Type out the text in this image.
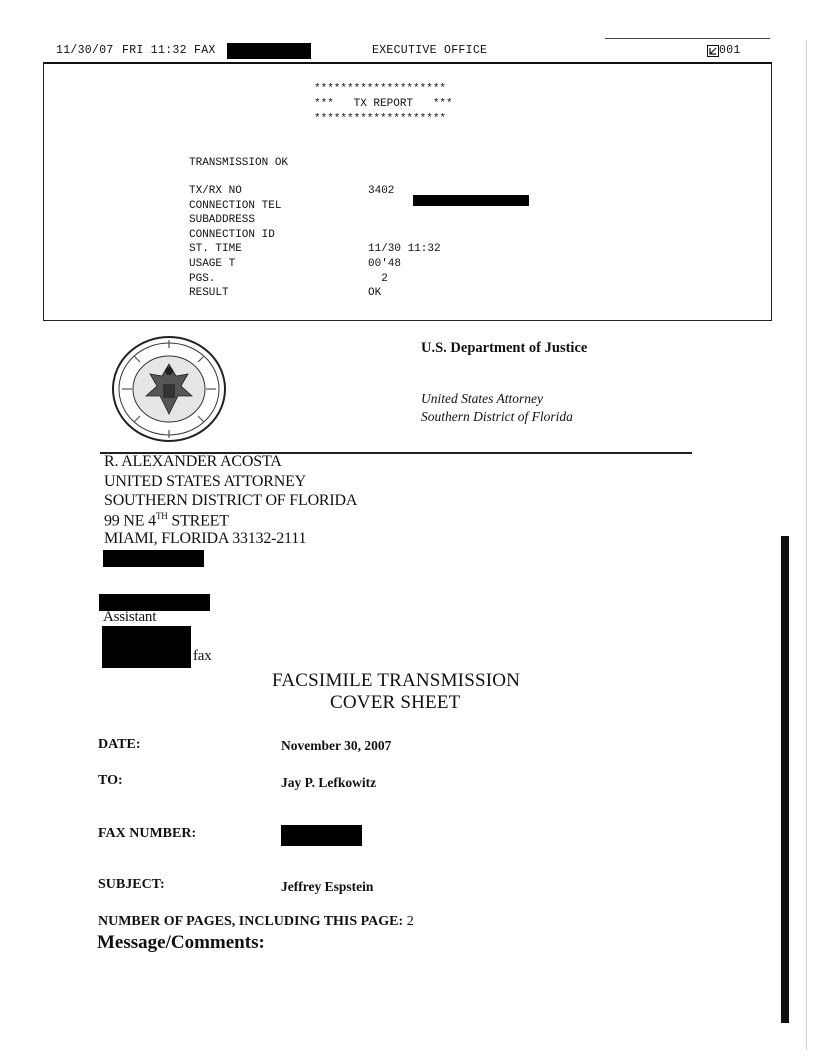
11/30/07 FRI 11:32 FAX	EXECUTIVE OFFICE	001
********************
***   TX REPORT   ***
********************
TRANSMISSION OK
TX/RX NO	3402
CONNECTION TEL
SUBADDRESS
CONNECTION ID
ST. TIME	11/30 11:32
USAGE T	00'48
PGS.	2
RESULT	OK
U.S. Department of Justice
United States Attorney
Southern District of Florida
R. ALEXANDER ACOSTA
UNITED STATES ATTORNEY
SOUTHERN DISTRICT OF FLORIDA
99 NE 4TH STREET
MIAMI, FLORIDA 33132-2111
Assistant
fax
FACSIMILE TRANSMISSION
COVER SHEET
DATE:	November 30, 2007
TO:	Jay P. Lefkowitz
FAX NUMBER:
SUBJECT:	Jeffrey Espstein
NUMBER OF PAGES, INCLUDING THIS PAGE: 2
Message/Comments:
